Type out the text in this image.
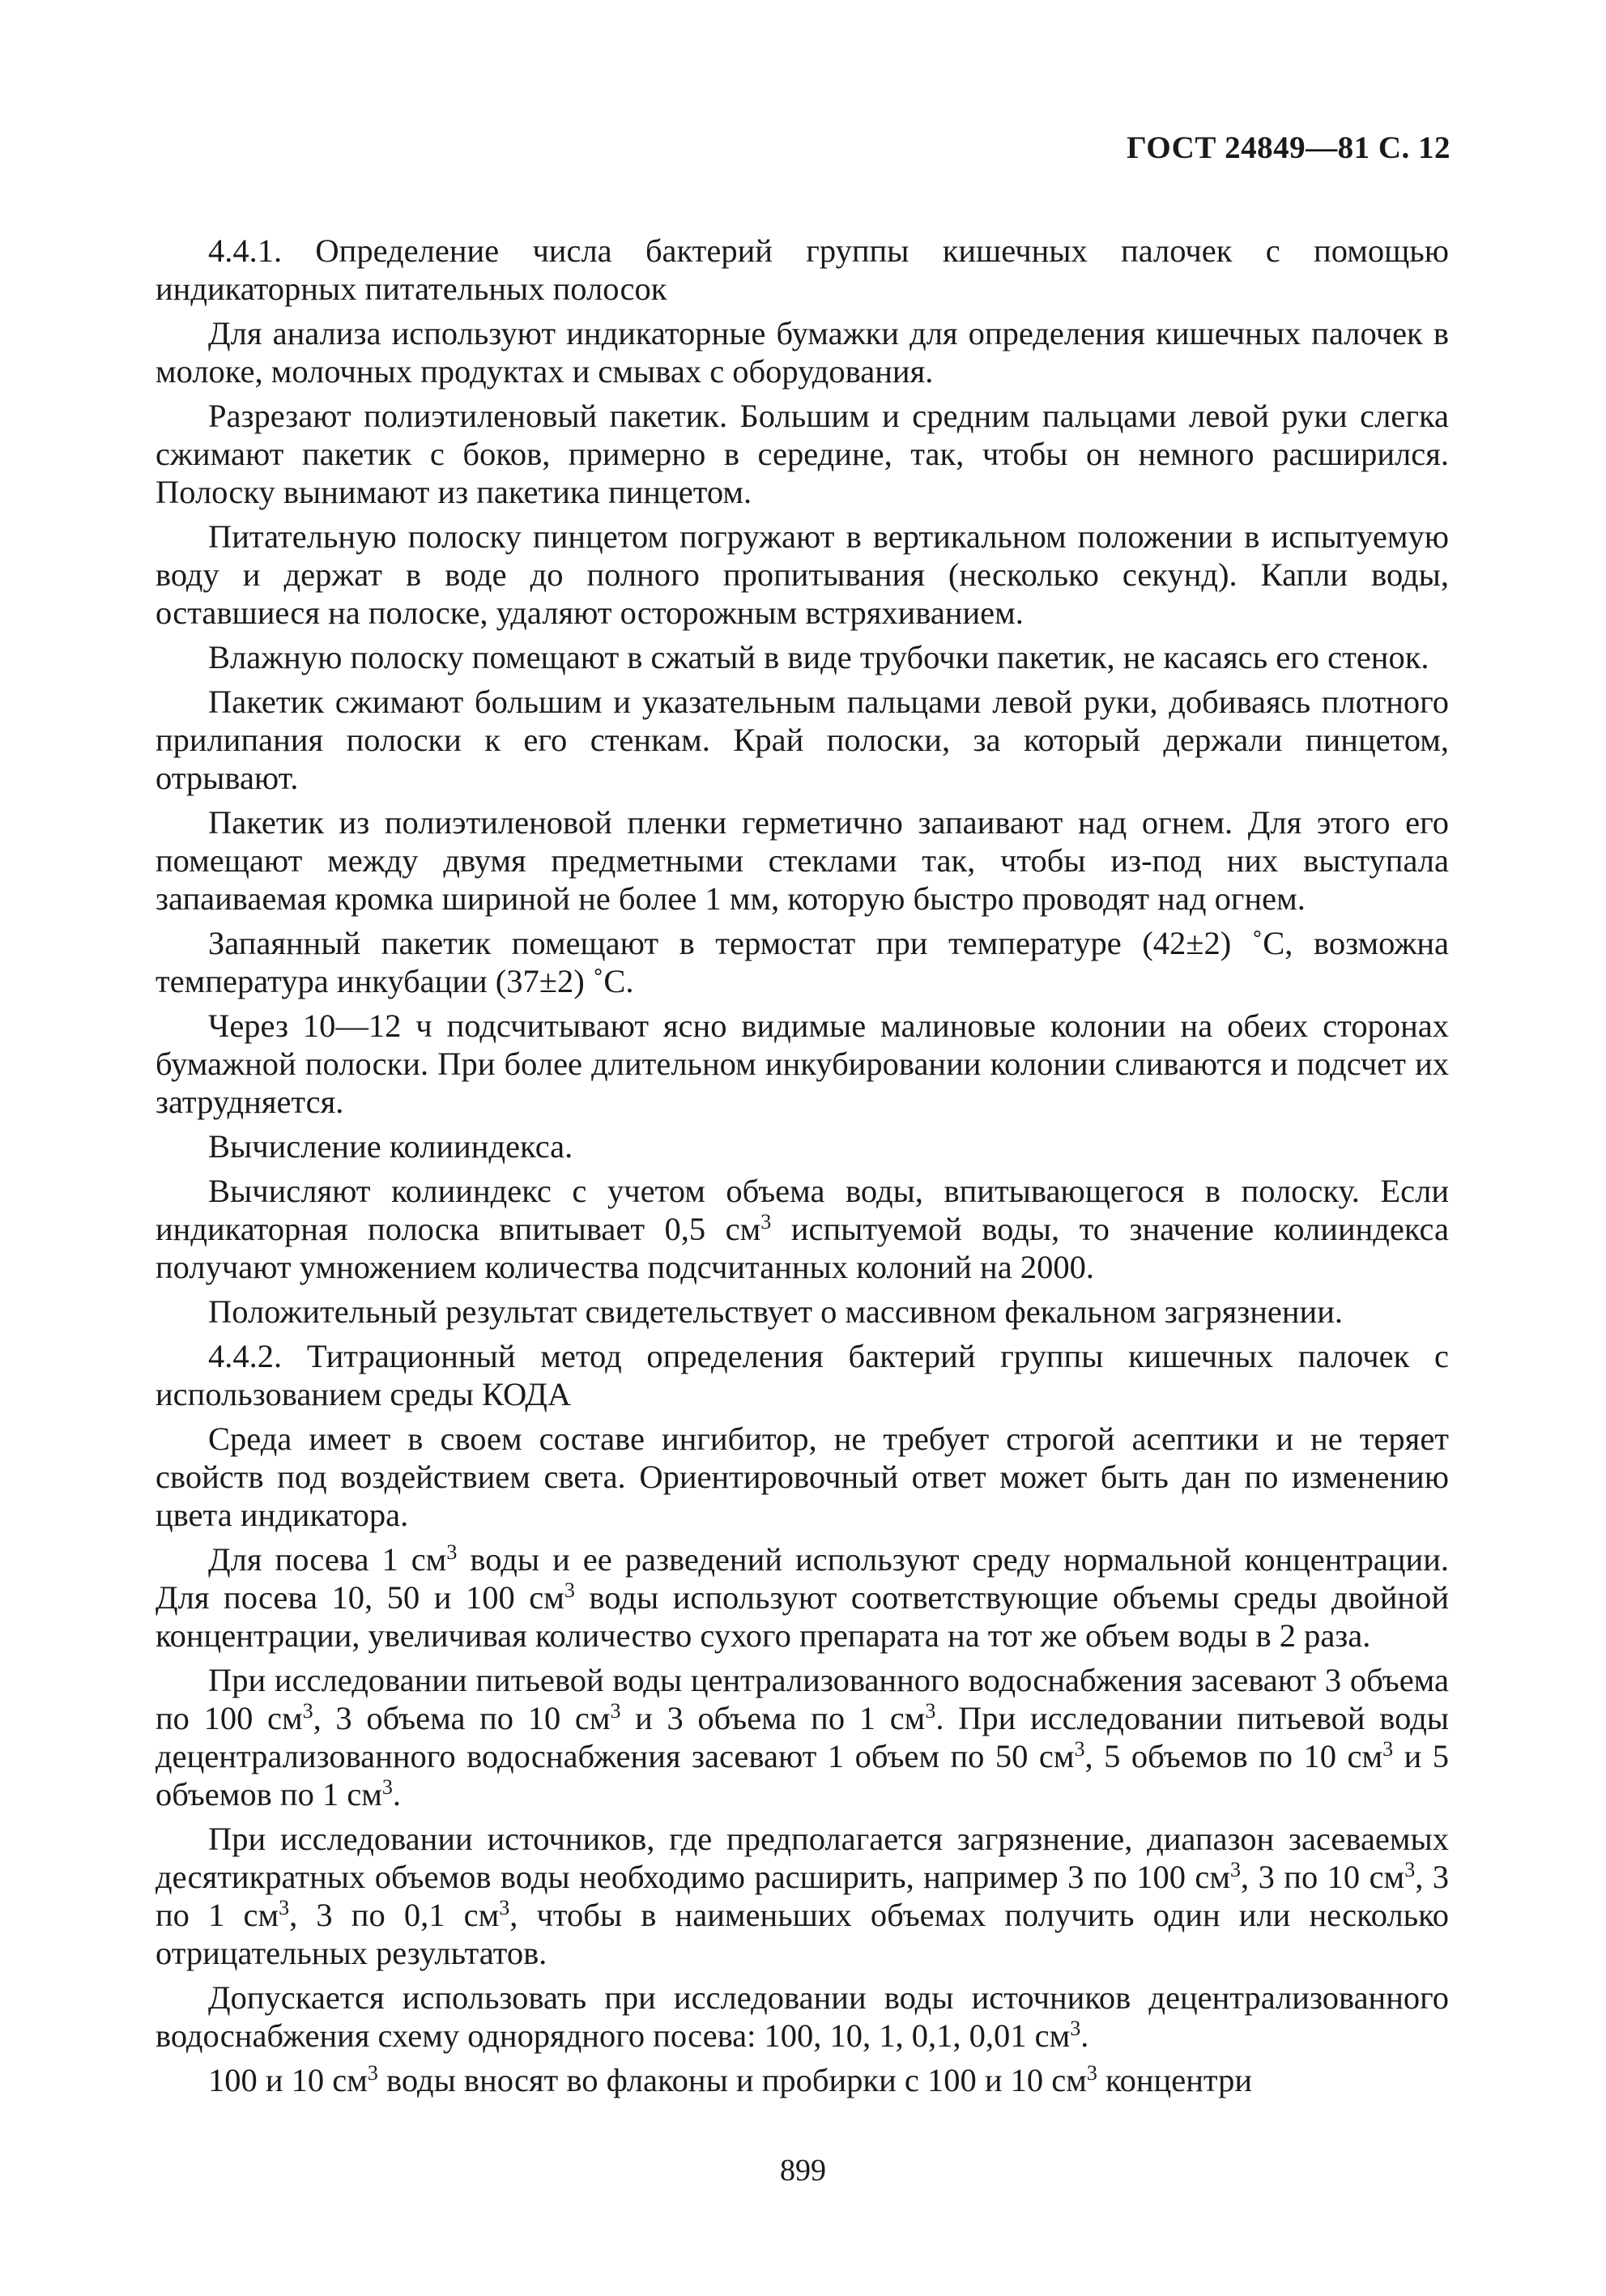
ГОСТ 24849—81 С. 12

4.4.1. Определение числа бактерий группы кишечных палочек с помощью индикаторных питательных полосок

Для анализа используют индикаторные бумажки для определения кишечных палочек в молоке, молочных продуктах и смывах с оборудования.

Разрезают полиэтиленовый пакетик. Большим и средним пальцами левой руки слегка сжимают пакетик с боков, примерно в середине, так, чтобы он немного расширился. Полоску вынимают из пакетика пинцетом.

Питательную полоску пинцетом погружают в вертикальном положении в испытуемую воду и держат в воде до полного пропитывания (несколько секунд). Капли воды, оставшиеся на полоске, удаляют осторожным встряхиванием.

Влажную полоску помещают в сжатый в виде трубочки пакетик, не касаясь его стенок.

Пакетик сжимают большим и указательным пальцами левой руки, добиваясь плотного прилипания полоски к его стенкам. Край полоски, за который держали пинцетом, отрывают.

Пакетик из полиэтиленовой пленки герметично запаивают над огнем. Для этого его помещают между двумя предметными стеклами так, чтобы из-под них выступала запаиваемая кромка шириной не более 1 мм, которую быстро проводят над огнем.

Запаянный пакетик помещают в термостат при температуре (42±2) ˚С, возможна температура инкубации (37±2) ˚С.

Через 10—12 ч подсчитывают ясно видимые малиновые колонии на обеих сторонах бумажной полоски. При более длительном инкубировании колонии сливаются и подсчет их затрудняется.

Вычисление колииндекса.

Вычисляют колииндекс с учетом объема воды, впитывающегося в полоску. Если индикаторная полоска впитывает 0,5 $см^3$ испытуемой воды, то значение колииндекса получают умножением количества подсчитанных колоний на 2000.

Положительный результат свидетельствует о массивном фекальном загрязнении.

4.4.2. Титрационный метод определения бактерий группы кишечных палочек с использованием среды КОДА

Среда имеет в своем составе ингибитор, не требует строгой асептики и не теряет свойств под воздействием света. Ориентировочный ответ может быть дан по изменению цвета индикатора.

Для посева 1 $см^3$ воды и ее разведений используют среду нормальной концентрации. Для посева 10, 50 и 100 $см^3$ воды используют соответствующие объемы среды двойной концентрации, увеличивая количество сухого препарата на тот же объем воды в 2 раза.

При исследовании питьевой воды централизованного водоснабжения засевают 3 объема по 100 $см^3$, 3 объема по 10 $см^3$ и 3 объема по 1 $см^3$. При исследовании питьевой воды децентрализованного водоснабжения засевают 1 объем по 50 $см^3$, 5 объемов по 10 $см^3$ и 5 объемов по 1 $см^3$.

При исследовании источников, где предполагается загрязнение, диапазон засеваемых десятикратных объемов воды необходимо расширить, например 3 по 100 $см^3$, 3 по 10 $см^3$, 3 по 1 $см^3$, 3 по 0,1 $см^3$, чтобы в наименьших объемах получить один или несколько отрицательных результатов.

Допускается использовать при исследовании воды источников децентрализованного водоснабжения схему однорядного посева: 100, 10, 1, 0,1, 0,01 $см^3$.

100 и 10 $см^3$ воды вносят во флаконы и пробирки с 100 и 10 $см^3$ концентри

899
